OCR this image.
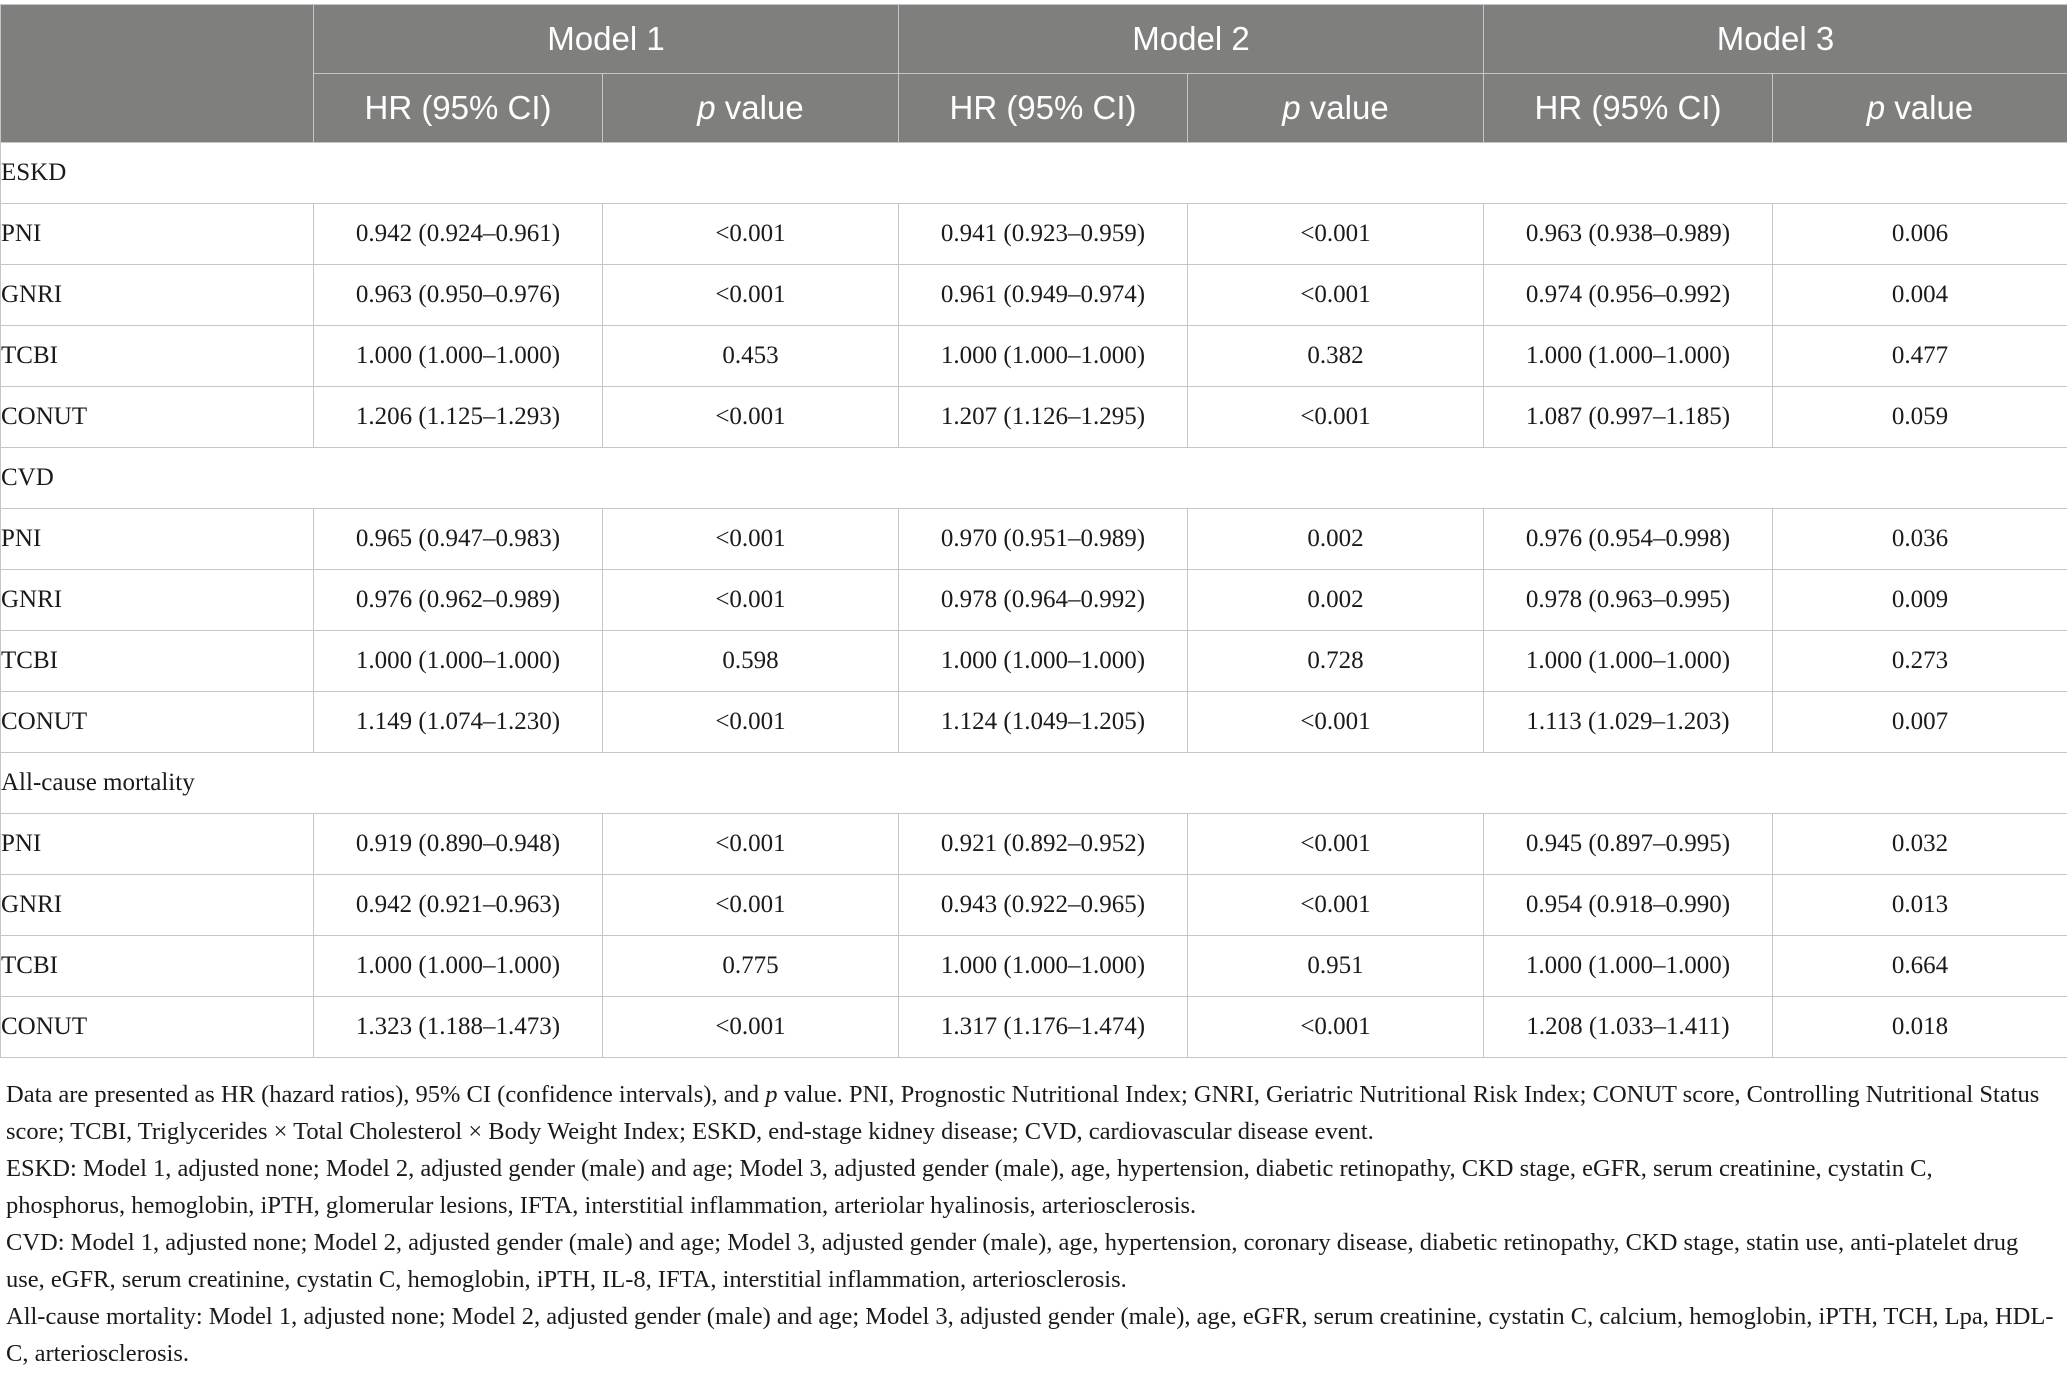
	Model 1		Model 2		Model 3	
	HR (95% CI)	p value	HR (95% CI)	p value	HR (95% CI)	p value
ESKD						
PNI	0.942 (0.924–0.961)	<0.001	0.941 (0.923–0.959)	<0.001	0.963 (0.938–0.989)	0.006
GNRI	0.963 (0.950–0.976)	<0.001	0.961 (0.949–0.974)	<0.001	0.974 (0.956–0.992)	0.004
TCBI	1.000 (1.000–1.000)	0.453	1.000 (1.000–1.000)	0.382	1.000 (1.000–1.000)	0.477
CONUT	1.206 (1.125–1.293)	<0.001	1.207 (1.126–1.295)	<0.001	1.087 (0.997–1.185)	0.059
CVD						
PNI	0.965 (0.947–0.983)	<0.001	0.970 (0.951–0.989)	0.002	0.976 (0.954–0.998)	0.036
GNRI	0.976 (0.962–0.989)	<0.001	0.978 (0.964–0.992)	0.002	0.978 (0.963–0.995)	0.009
TCBI	1.000 (1.000–1.000)	0.598	1.000 (1.000–1.000)	0.728	1.000 (1.000–1.000)	0.273
CONUT	1.149 (1.074–1.230)	<0.001	1.124 (1.049–1.205)	<0.001	1.113 (1.029–1.203)	0.007
All-cause mortality						
PNI	0.919 (0.890–0.948)	<0.001	0.921 (0.892–0.952)	<0.001	0.945 (0.897–0.995)	0.032
GNRI	0.942 (0.921–0.963)	<0.001	0.943 (0.922–0.965)	<0.001	0.954 (0.918–0.990)	0.013
TCBI	1.000 (1.000–1.000)	0.775	1.000 (1.000–1.000)	0.951	1.000 (1.000–1.000)	0.664
CONUT	1.323 (1.188–1.473)	<0.001	1.317 (1.176–1.474)	<0.001	1.208 (1.033–1.411)	0.018

Data are presented as HR (hazard ratios), 95% CI (confidence intervals), and p value. PNI, Prognostic Nutritional Index; GNRI, Geriatric Nutritional Risk Index; CONUT score, Controlling Nutritional Status score; TCBI, Triglycerides × Total Cholesterol × Body Weight Index; ESKD, end-stage kidney disease; CVD, cardiovascular disease event.

ESKD: Model 1, adjusted none; Model 2, adjusted gender (male) and age; Model 3, adjusted gender (male), age, hypertension, diabetic retinopathy, CKD stage, eGFR, serum creatinine, cystatin C, phosphorus, hemoglobin, iPTH, glomerular lesions, IFTA, interstitial inflammation, arteriolar hyalinosis, arteriosclerosis.

CVD: Model 1, adjusted none; Model 2, adjusted gender (male) and age; Model 3, adjusted gender (male), age, hypertension, coronary disease, diabetic retinopathy, CKD stage, statin use, anti-platelet drug use, eGFR, serum creatinine, cystatin C, hemoglobin, iPTH, IL-8, IFTA, interstitial inflammation, arteriosclerosis.

All-cause mortality: Model 1, adjusted none; Model 2, adjusted gender (male) and age; Model 3, adjusted gender (male), age, eGFR, serum creatinine, cystatin C, calcium, hemoglobin, iPTH, TCH, Lpa, HDL-C, arteriosclerosis.
